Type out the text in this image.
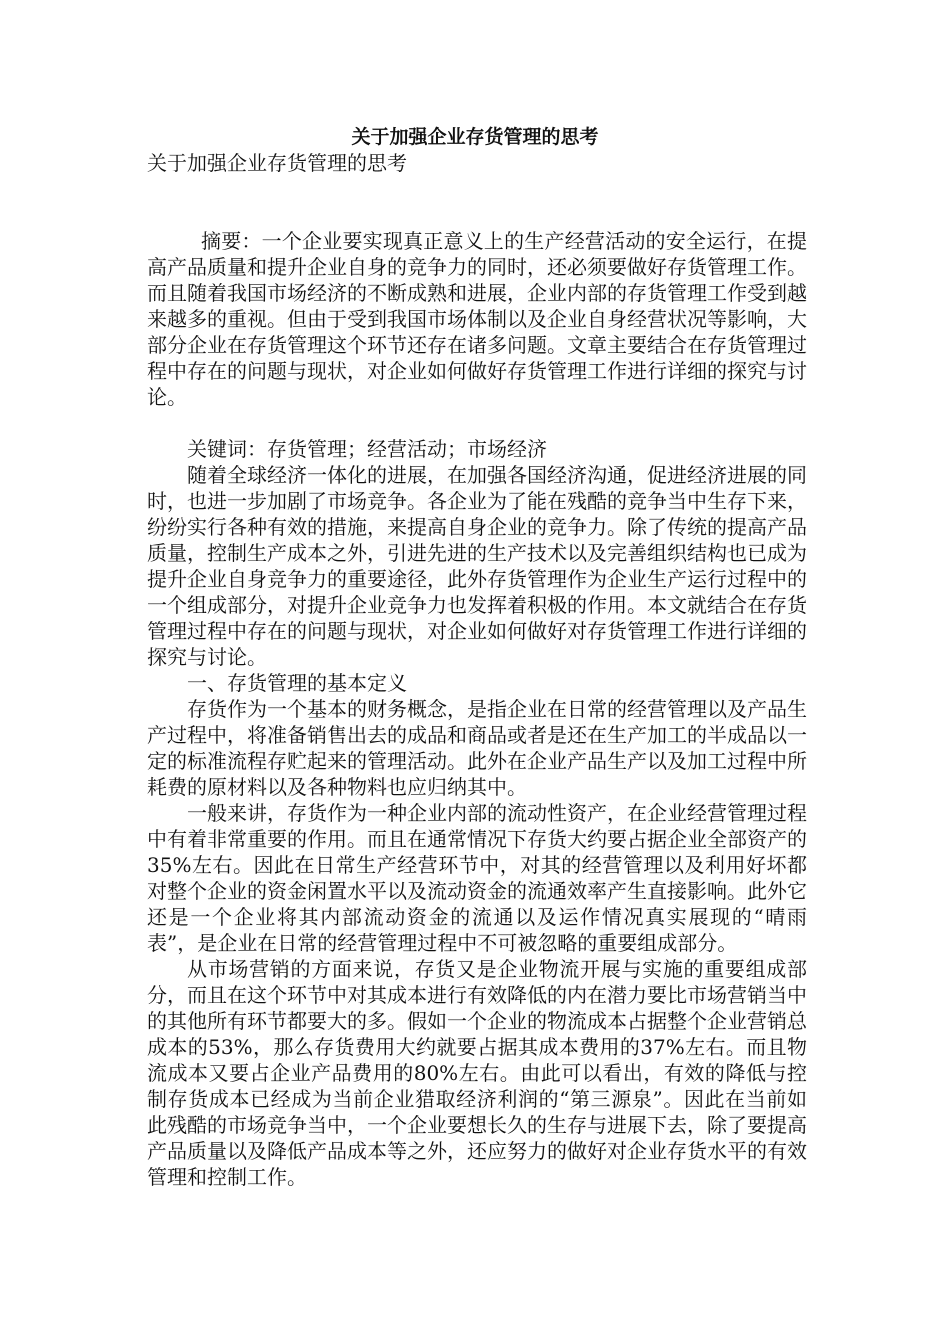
关于加强企业存货管理的思考

关于加强企业存货管理的思考

摘要：一个企业要实现真正意义上的生产经营活动的安全运行，在提高产品质量和提升企业自身的竞争力的同时，还必须要做好存货管理工作。而且随着我国市场经济的不断成熟和进展，企业内部的存货管理工作受到越来越多的重视。但由于受到我国市场体制以及企业自身经营状况等影响，大部分企业在存货管理这个环节还存在诸多问题。文章主要结合在存货管理过程中存在的问题与现状，对企业如何做好存货管理工作进行详细的探究与讨论。

关键词：存货管理；经营活动；市场经济

随着全球经济一体化的进展，在加强各国经济沟通，促进经济进展的同时，也进一步加剧了市场竞争。各企业为了能在残酷的竞争当中生存下来，纷纷实行各种有效的措施，来提高自身企业的竞争力。除了传统的提高产品质量，控制生产成本之外，引进先进的生产技术以及完善组织结构也已成为提升企业自身竞争力的重要途径，此外存货管理作为企业生产运行过程中的一个组成部分，对提升企业竞争力也发挥着积极的作用。本文就结合在存货管理过程中存在的问题与现状，对企业如何做好对存货管理工作进行详细的探究与讨论。

一、存货管理的基本定义

存货作为一个基本的财务概念，是指企业在日常的经营管理以及产品生产过程中，将准备销售出去的成品和商品或者是还在生产加工的半成品以一定的标准流程存贮起来的管理活动。此外在企业产品生产以及加工过程中所耗费的原材料以及各种物料也应归纳其中。

一般来讲，存货作为一种企业内部的流动性资产，在企业经营管理过程中有着非常重要的作用。而且在通常情况下存货大约要占据企业全部资产的35%左右。因此在日常生产经营环节中，对其的经营管理以及利用好坏都对整个企业的资金闲置水平以及流动资金的流通效率产生直接影响。此外它还是一个企业将其内部流动资金的流通以及运作情况真实展现的“晴雨表”，是企业在日常的经营管理过程中不可被忽略的重要组成部分。

从市场营销的方面来说，存货又是企业物流开展与实施的重要组成部分，而且在这个环节中对其成本进行有效降低的内在潜力要比市场营销当中的其他所有环节都要大的多。假如一个企业的物流成本占据整个企业营销总成本的53%，那么存货费用大约就要占据其成本费用的37%左右。而且物流成本又要占企业产品费用的80%左右。由此可以看出，有效的降低与控制存货成本已经成为当前企业猎取经济利润的“第三源泉”。因此在当前如此残酷的市场竞争当中，一个企业要想长久的生存与进展下去，除了要提高产品质量以及降低产品成本等之外，还应努力的做好对企业存货水平的有效管理和控制工作。
